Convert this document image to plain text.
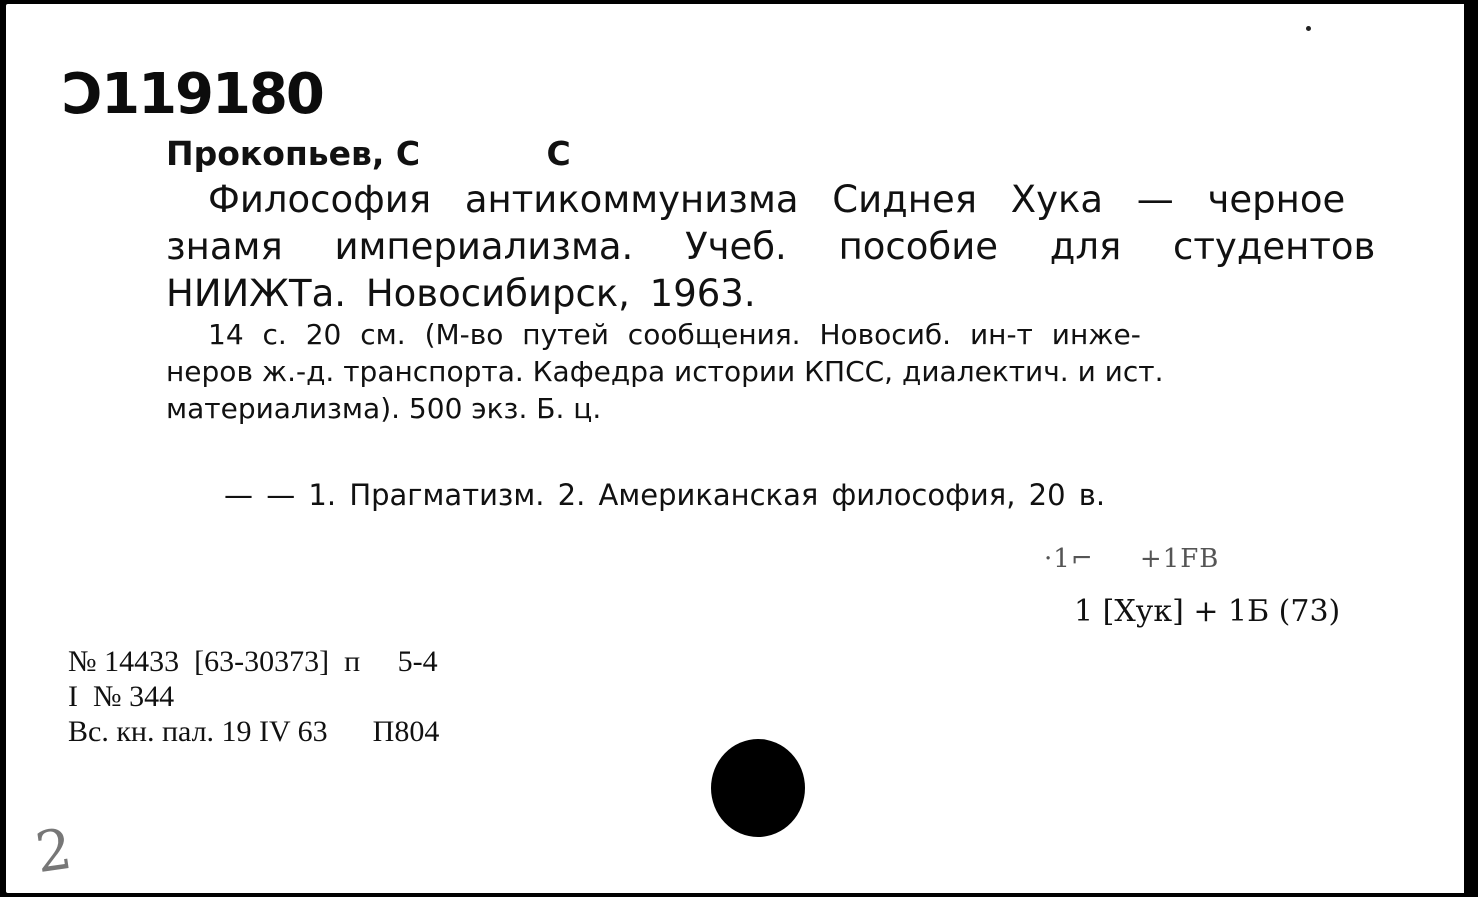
Ɔ119180
Прокопьев, С           С
Философия антикоммунизма Сиднея Хука — черное
знамя империализма. Учеб. пособие для студентов
НИИЖТа. Новосибирск, 1963.
14 с. 20 см. (М-во путей сообщения. Новосиб. ин-т инже-
неров ж.-д. транспорта. Кафедра истории КПСС, диалектич. и ист.
материализма). 500 экз. Б. ц.
— — 1. Прагматизм. 2. Американская философия, 20 в.
·1⌐     +1FB
1 [Хук] + 1Б (73)
№ 14433  [63-30373]  п     5-4
I  № 344
Вс. кн. пал. 19 IV 63      П804
2
